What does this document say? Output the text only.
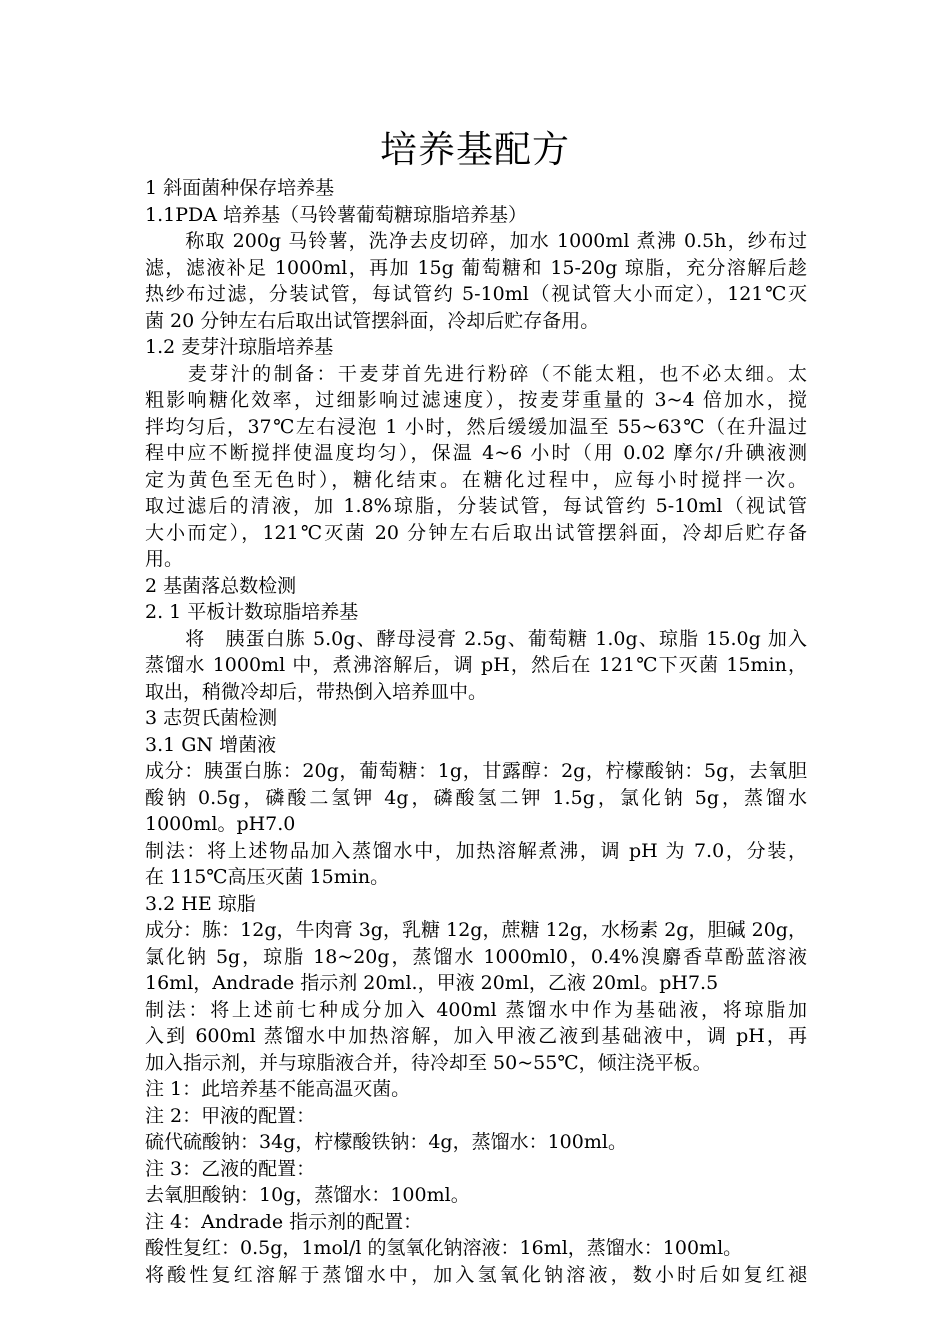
培养基配方
1 斜面菌种保存培养基
1.1PDA 培养基（马铃薯葡萄糖琼脂培养基）
　　称取 200g 马铃薯，洗净去皮切碎，加水 1000ml 煮沸 0.5h，纱布过
滤，滤液补足 1000ml，再加 15g 葡萄糖和 15-20g 琼脂，充分溶解后趁
热纱布过滤，分装试管，每试管约 5-10ml（视试管大小而定），121℃灭
菌 20 分钟左右后取出试管摆斜面，冷却后贮存备用。
1.2 麦芽汁琼脂培养基
　　麦芽汁的制备：干麦芽首先进行粉碎（不能太粗，也不必太细。太
粗影响糖化效率，过细影响过滤速度），按麦芽重量的 3~4 倍加水，搅
拌均匀后，37℃左右浸泡 1 小时，然后缓缓加温至 55~63℃（在升温过
程中应不断搅拌使温度均匀），保温 4~6 小时（用 0.02 摩尔/升碘液测
定为黄色至无色时），糖化结束。在糖化过程中，应每小时搅拌一次。
取过滤后的清液，加 1.8%琼脂，分装试管，每试管约 5-10ml（视试管
大小而定），121℃灭菌 20 分钟左右后取出试管摆斜面，冷却后贮存备
用。
2 基菌落总数检测
2. 1 平板计数琼脂培养基
　　将　胰蛋白胨 5.0g、酵母浸膏 2.5g、葡萄糖 1.0g、琼脂 15.0g 加入
蒸馏水 1000ml 中，煮沸溶解后，调 pH，然后在 121℃下灭菌 15min，
取出，稍微冷却后，带热倒入培养皿中。
3 志贺氏菌检测
3.1 GN 增菌液
成分：胰蛋白胨：20g，葡萄糖：1g，甘露醇：2g，柠檬酸钠：5g，去氧胆
酸钠 0.5g，磷酸二氢钾 4g，磷酸氢二钾 1.5g，氯化钠 5g，蒸馏水
1000ml。pH7.0
制法：将上述物品加入蒸馏水中，加热溶解煮沸，调 pH 为 7.0，分装，
在 115℃高压灭菌 15min。
3.2 HE 琼脂
成分：胨：12g，牛肉膏 3g，乳糖 12g，蔗糖 12g，水杨素 2g，胆碱 20g，
氯化钠 5g，琼脂 18~20g，蒸馏水 1000ml0，0.4%溴麝香草酚蓝溶液
16ml，Andrade 指示剂 20ml.，甲液 20ml，乙液 20ml。pH7.5
制法：将上述前七种成分加入 400ml 蒸馏水中作为基础液，将琼脂加
入到 600ml 蒸馏水中加热溶解，加入甲液乙液到基础液中，调 pH，再
加入指示剂，并与琼脂液合并，待冷却至 50~55℃，倾注浇平板。
注 1：此培养基不能高温灭菌。
注 2：甲液的配置：
硫代硫酸钠：34g，柠檬酸铁钠：4g，蒸馏水：100ml。
注 3：乙液的配置：
去氧胆酸钠：10g，蒸馏水：100ml。
注 4：Andrade 指示剂的配置：
酸性复红：0.5g，1mol/l 的氢氧化钠溶液：16ml，蒸馏水：100ml。
将酸性复红溶解于蒸馏水中，加入氢氧化钠溶液，数小时后如复红褪
